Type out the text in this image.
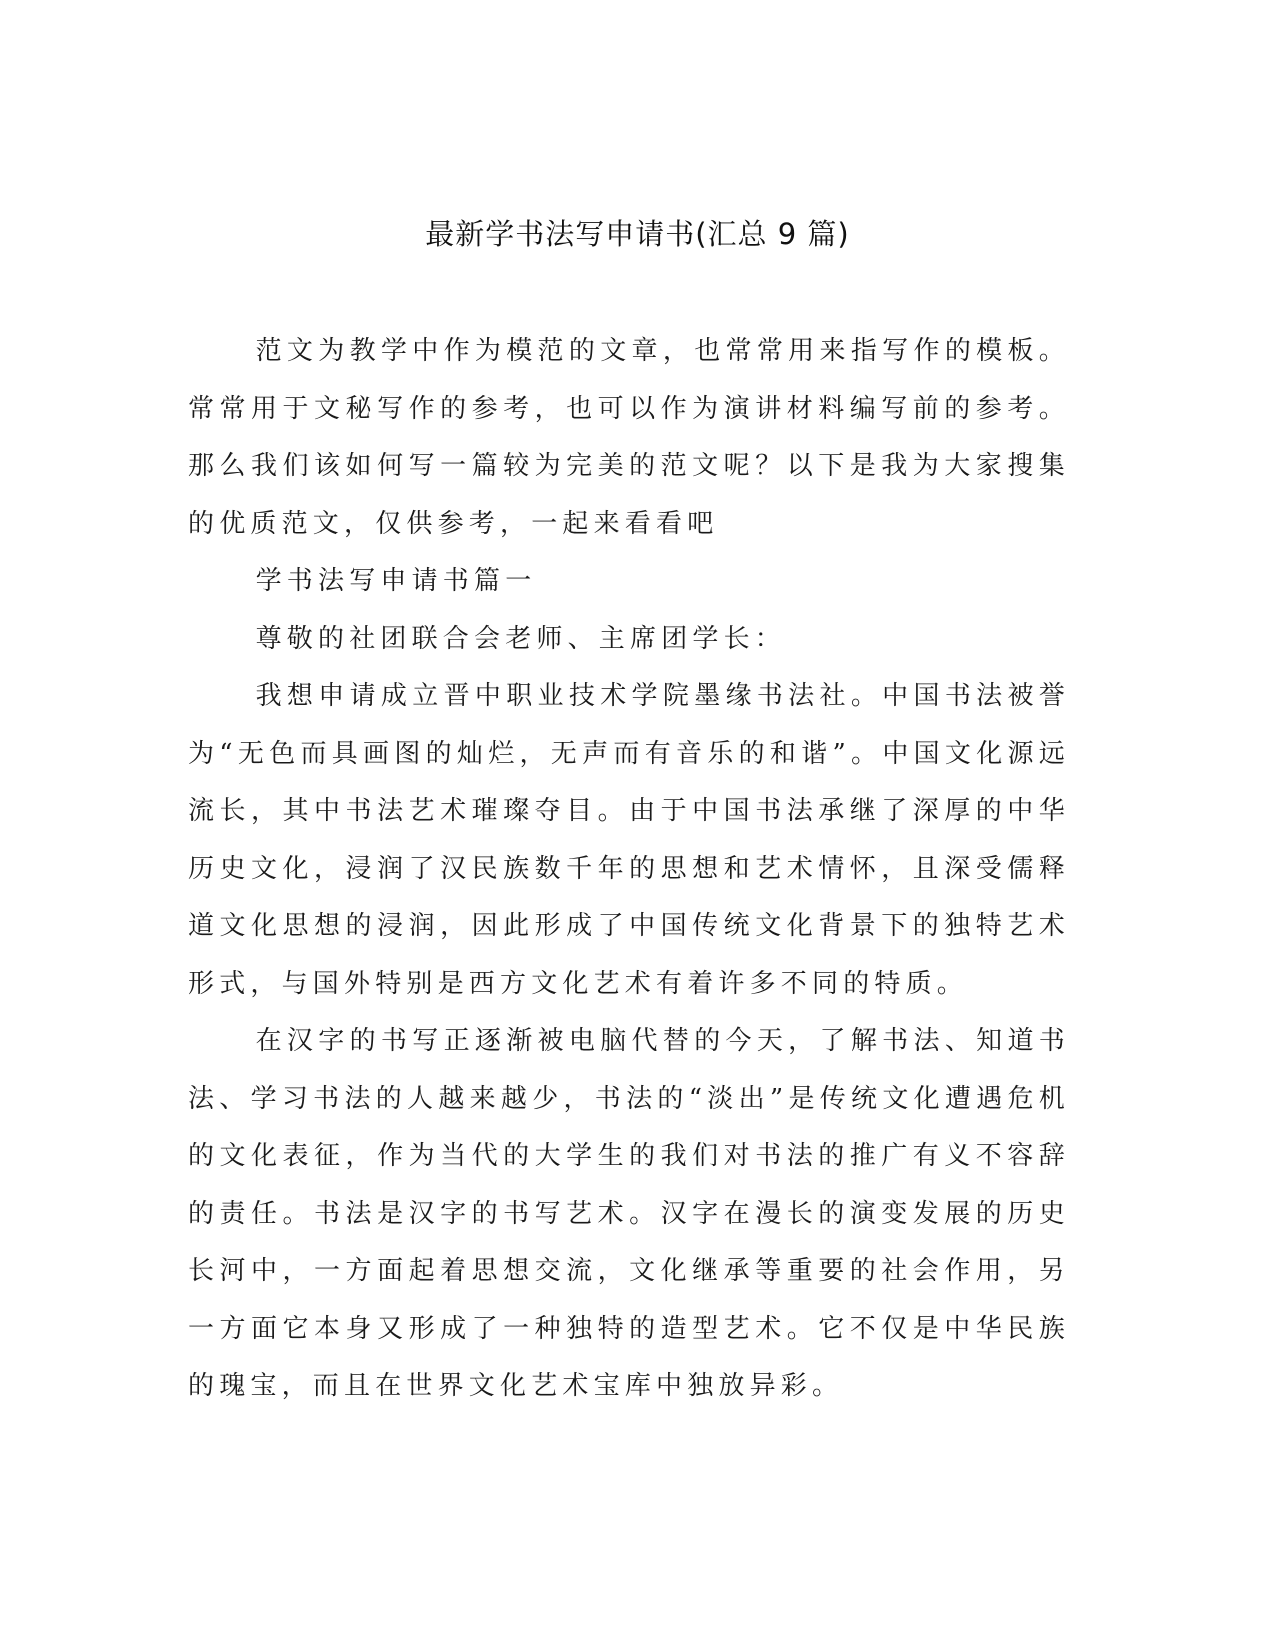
最新学书法写申请书(汇总 9 篇)

范文为教学中作为模范的文章，也常常用来指写作的模板。常常用于文秘写作的参考，也可以作为演讲材料编写前的参考。那么我们该如何写一篇较为完美的范文呢？以下是我为大家搜集的优质范文，仅供参考，一起来看看吧

学书法写申请书篇一

尊敬的社团联合会老师、主席团学长：

我想申请成立晋中职业技术学院墨缘书法社。中国书法被誉为“无色而具画图的灿烂，无声而有音乐的和谐”。中国文化源远流长，其中书法艺术璀璨夺目。由于中国书法承继了深厚的中华历史文化，浸润了汉民族数千年的思想和艺术情怀，且深受儒释道文化思想的浸润，因此形成了中国传统文化背景下的独特艺术形式，与国外特别是西方文化艺术有着许多不同的特质。

在汉字的书写正逐渐被电脑代替的今天，了解书法、知道书法、学习书法的人越来越少，书法的“淡出”是传统文化遭遇危机的文化表征，作为当代的大学生的我们对书法的推广有义不容辞的责任。书法是汉字的书写艺术。汉字在漫长的演变发展的历史长河中，一方面起着思想交流，文化继承等重要的社会作用，另一方面它本身又形成了一种独特的造型艺术。它不仅是中华民族的瑰宝，而且在世界文化艺术宝库中独放异彩。
